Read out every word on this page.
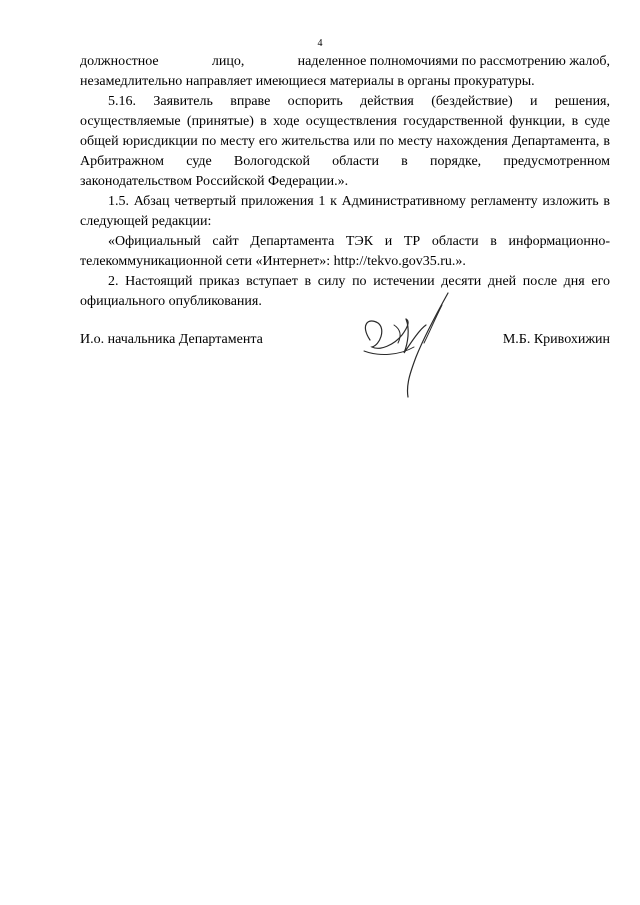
4
должностное	лицо,	наделенное полномочиями по рассмотрению жалоб,

незамедлительно направляет имеющиеся материалы в органы прокуратуры.

5.16. Заявитель вправе оспорить действия (бездействие) и решения, осуществляемые (принятые) в ходе осуществления государственной функции, в суде общей юрисдикции по месту его жительства или по месту нахождения Департамента, в Арбитражном суде Вологодской области в порядке, предусмотренном законодательством Российской Федерации.».

1.5. Абзац четвертый приложения 1 к Административному регламенту изложить в следующей редакции:

«Официальный сайт Департамента ТЭК и ТР области в информационно-телекоммуникационной сети «Интернет»: http://tekvo.gov35.ru.».

2. Настоящий приказ вступает в силу по истечении десяти дней после дня его официального опубликования.

И.о. начальника Департамента	М.Б. Кривохижин
